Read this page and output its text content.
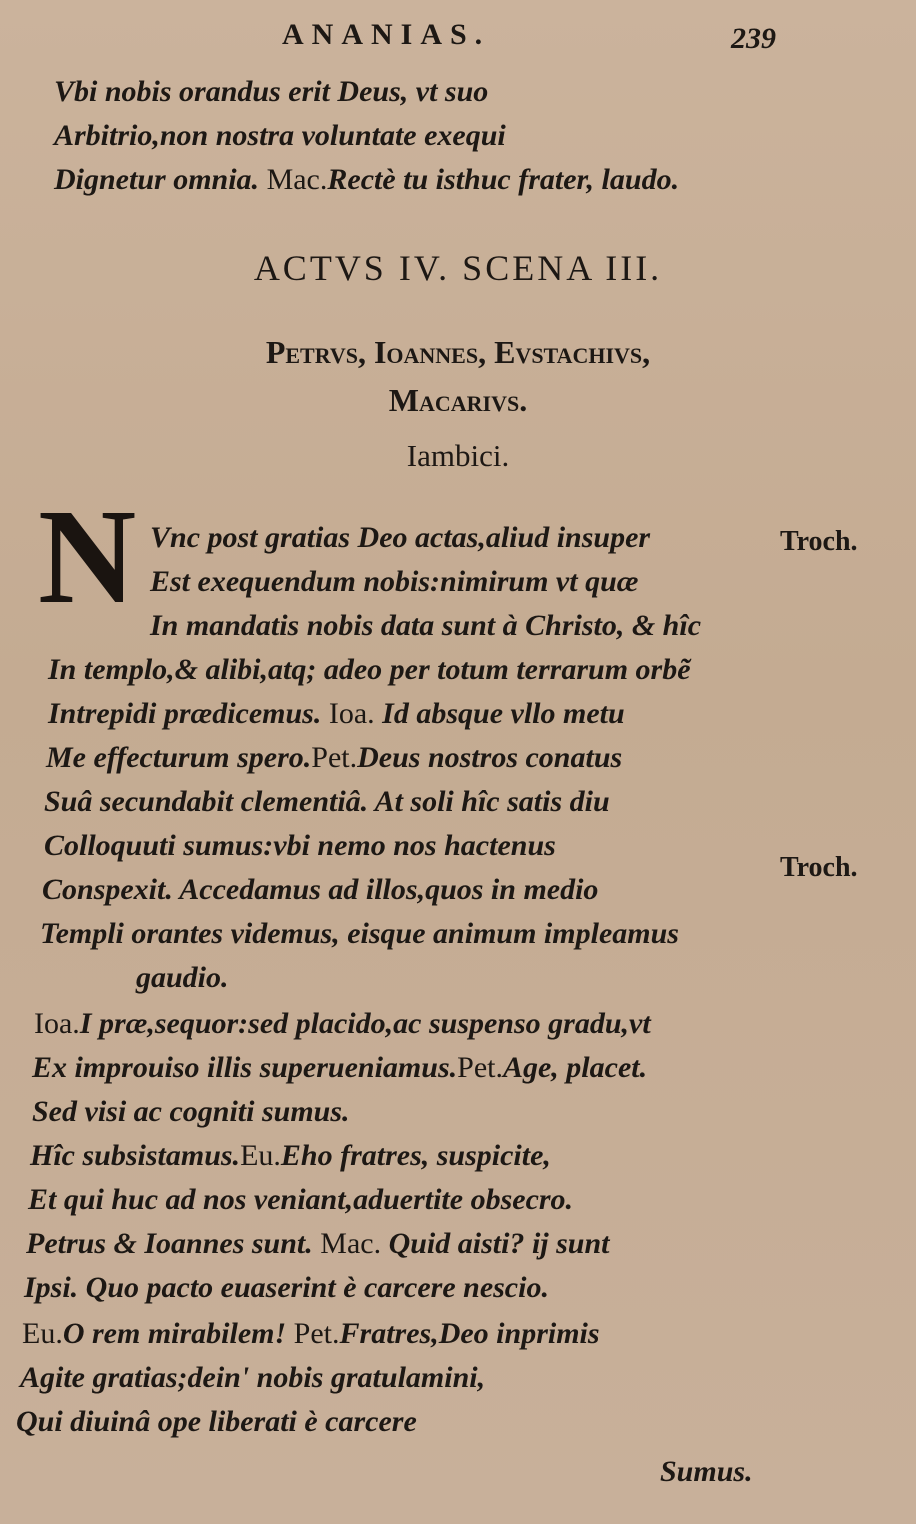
ANANIAS.	239
Vbi nobis orandus erit Deus, vt suo
Arbitrio,non nostra voluntate exequi
Dignetur omnia. Mac.Rectè tu isthuc frater, laudo.
ACTVS IV. SCENA III.
Petrvs, Ioannes, Evstachivs,
Macarivs.
Iambici.
N Vnc post gratias Deo actas,aliud insuper
Est exequendum nobis:nimirum vt quæ
In mandatis nobis data sunt à Christo, & hîc
In templo,& alibi,atq; adeo per totum terrarum orbẽ
Intrepidi prædicemus. Ioa. Id absque vllo metu
Me effecturum spero.Pet.Deus nostros conatus
Suâ secundabit clementiâ. At soli hîc satis diu
Colloquuti sumus:vbi nemo nos hactenus
Conspexit. Accedamus ad illos,quos in medio
Templi orantes videmus, eisque animum impleamus
gaudio.
Ioa.I præ,sequor:sed placido,ac suspenso gradu,vt
Ex improuiso illis superueniamus.Pet.Age, placet.
Sed visi ac cogniti sumus.
Hîc subsistamus.Eu.Eho fratres, suspicite,
Et qui huc ad nos veniant,aduertite obsecro.
Petrus & Ioannes sunt. Mac. Quid aisti? ij sunt
Ipsi. Quo pacto euaserint è carcere nescio.
Eu.O rem mirabilem! Pet.Fratres,Deo inprimis
Agite gratias;dein' nobis gratulamini,
Qui diuinâ ope liberati è carcere
Sumus.
Troch.
Troch.
